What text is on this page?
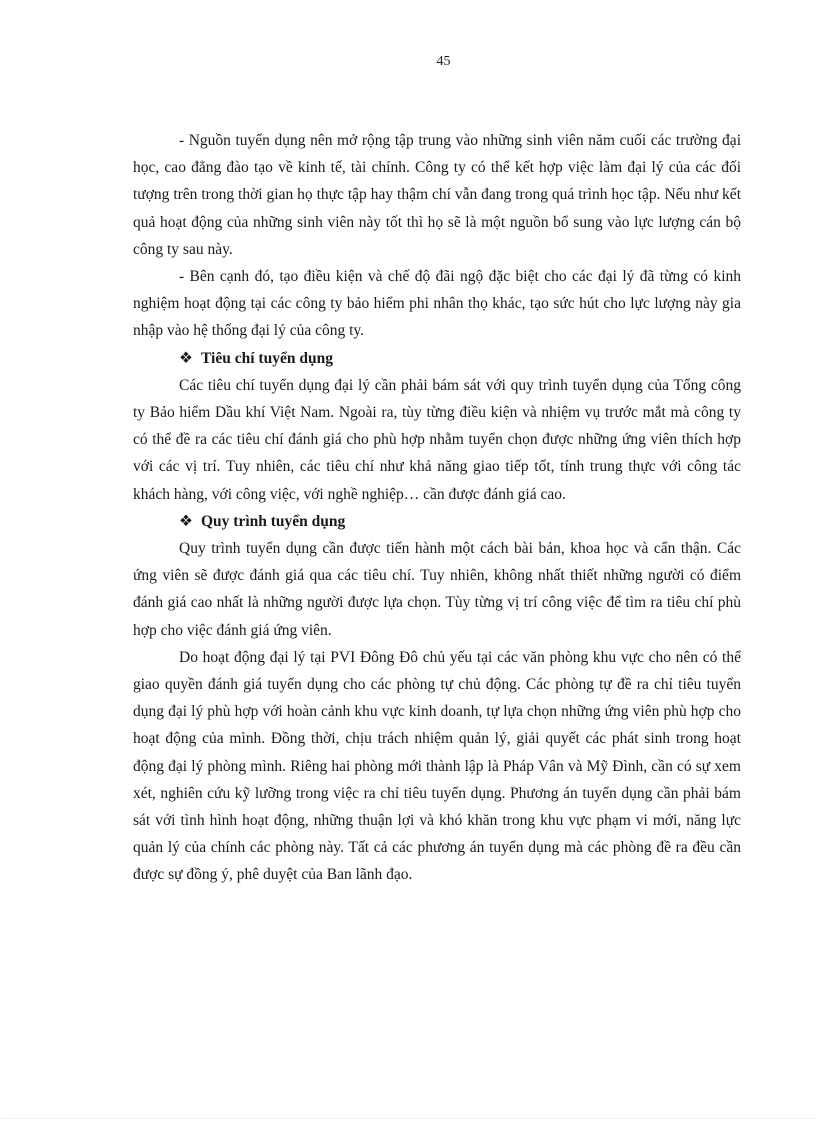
45

- Nguồn tuyển dụng nên mở rộng tập trung vào những sinh viên năm cuối các trường đại học, cao đẳng đào tạo về kinh tế, tài chính. Công ty có thể kết hợp việc làm đại lý của các đối tượng trên trong thời gian họ thực tập hay thậm chí vẫn đang trong quá trình học tập. Nếu như kết quả hoạt động của những sinh viên này tốt thì họ sẽ là một nguồn bổ sung vào lực lượng cán bộ công ty sau này.

- Bên cạnh đó, tạo điều kiện và chế độ đãi ngộ đặc biệt cho các đại lý đã từng có kinh nghiệm hoạt động tại các công ty bảo hiểm phi nhân thọ khác, tạo sức hút cho lực lượng này gia nhập vào hệ thống đại lý của công ty.

❖ Tiêu chí tuyển dụng

Các tiêu chí tuyển dụng đại lý cần phải bám sát với quy trình tuyển dụng của Tổng công ty Bảo hiểm Dầu khí Việt Nam. Ngoài ra, tùy từng điều kiện và nhiệm vụ trước mắt mà công ty có thể đề ra các tiêu chí đánh giá cho phù hợp nhằm tuyển chọn được những ứng viên thích hợp với các vị trí. Tuy nhiên, các tiêu chí như khả năng giao tiếp tốt, tính trung thực với công tác khách hàng, với công việc, với nghề nghiệp… cần được đánh giá cao.

❖ Quy trình tuyển dụng

Quy trình tuyển dụng cần được tiến hành một cách bài bản, khoa học và cẩn thận. Các ứng viên sẽ được đánh giá qua các tiêu chí. Tuy nhiên, không nhất thiết những người có điểm đánh giá cao nhất là những người được lựa chọn. Tùy từng vị trí công việc để tìm ra tiêu chí phù hợp cho việc đánh giá ứng viên.

Do hoạt động đại lý tại PVI Đông Đô chủ yếu tại các văn phòng khu vực cho nên có thể giao quyền đánh giá tuyển dụng cho các phòng tự chủ động. Các phòng tự đề ra chỉ tiêu tuyển dụng đại lý phù hợp với hoàn cảnh khu vực kinh doanh, tự lựa chọn những ứng viên phù hợp cho hoạt động của mình. Đồng thời, chịu trách nhiệm quản lý, giải quyết các phát sinh trong hoạt động đại lý phòng mình. Riêng hai phòng mới thành lập là Pháp Vân và Mỹ Đình, cần có sự xem xét, nghiên cứu kỹ lưỡng trong việc ra chỉ tiêu tuyển dụng. Phương án tuyển dụng cần phải bám sát với tình hình hoạt động, những thuận lợi và khó khăn trong khu vực phạm vi mới, năng lực quản lý của chính các phòng này. Tất cả các phương án tuyển dụng mà các phòng đề ra đều cần được sự đồng ý, phê duyệt của Ban lãnh đạo.
